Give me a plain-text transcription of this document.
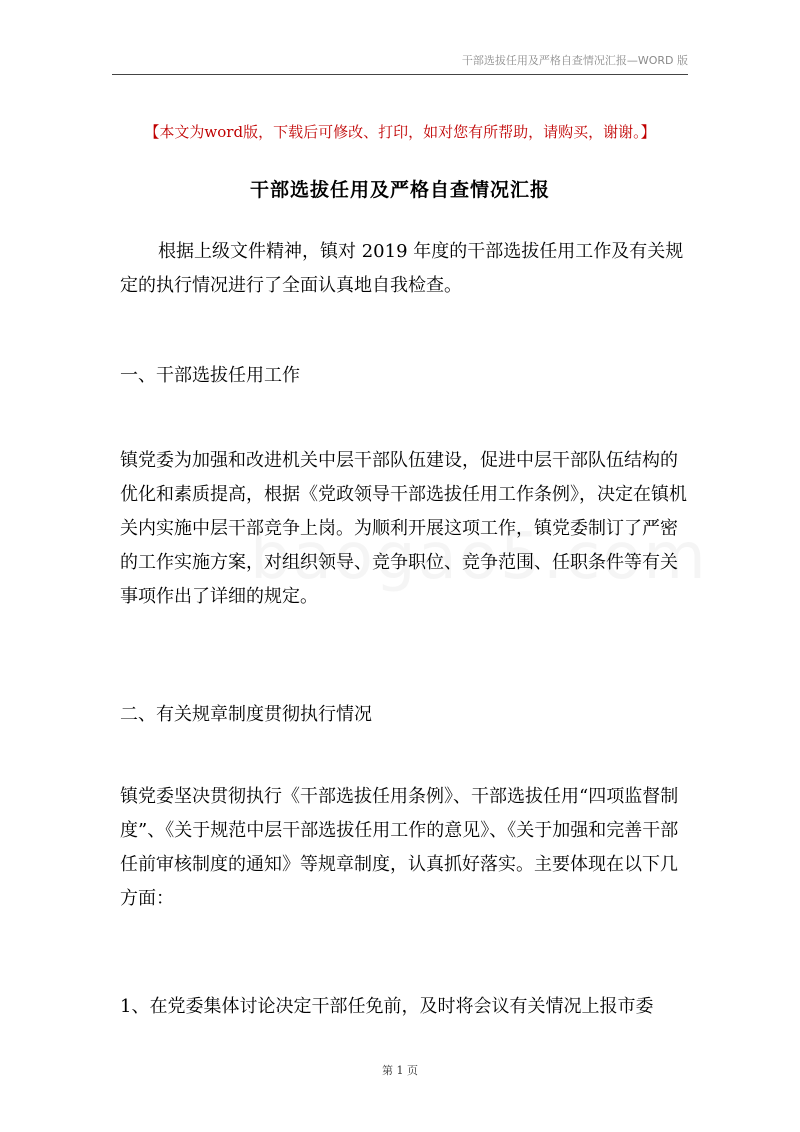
干部选拔任用及严格自查情况汇报—WORD 版
【本文为word版，下载后可修改、打印，如对您有所帮助，请购买，谢谢。】
干部选拔任用及严格自查情况汇报

根据上级文件精神，镇对 2019 年度的干部选拔任用工作及有关规定的执行情况进行了全面认真地自我检查。

一、干部选拔任用工作

镇党委为加强和改进机关中层干部队伍建设，促进中层干部队伍结构的优化和素质提高，根据《党政领导干部选拔任用工作条例》，决定在镇机关内实施中层干部竞争上岗。为顺利开展这项工作，镇党委制订了严密的工作实施方案，对组织领导、竞争职位、竞争范围、任职条件等有关事项作出了详细的规定。

二、有关规章制度贯彻执行情况

镇党委坚决贯彻执行《干部选拔任用条例》、干部选拔任用“四项监督制度”、《关于规范中层干部选拔任用工作的意见》、《关于加强和完善干部任前审核制度的通知》等规章制度，认真抓好落实。主要体现在以下几方面：

1、在党委集体讨论决定干部任免前，及时将会议有关情况上报市委

第 1 页
